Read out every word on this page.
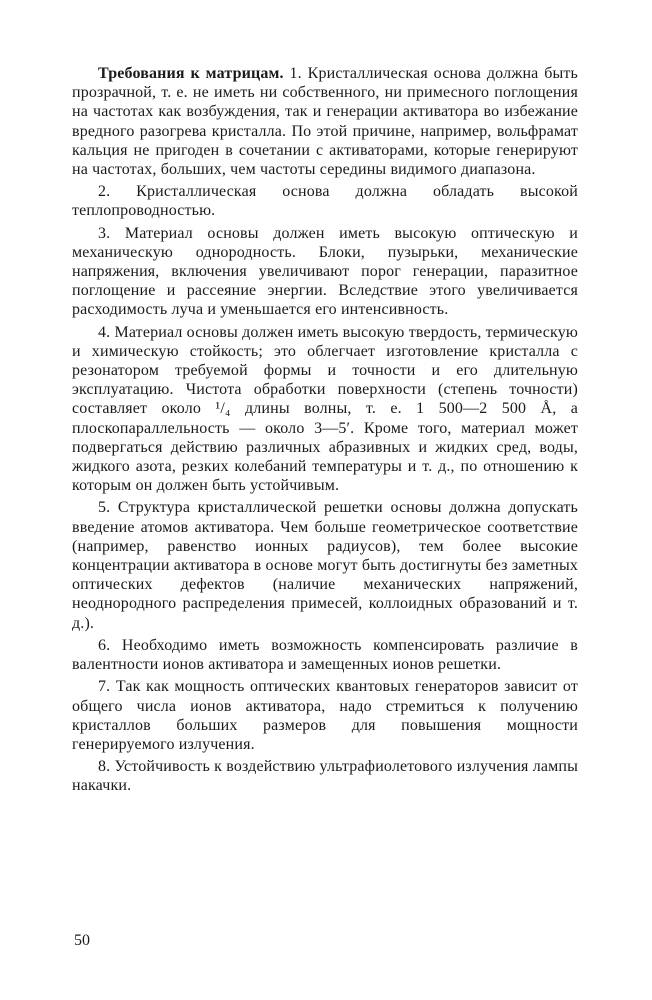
Требования к матрицам. 1. Кристаллическая основа должна быть прозрачной, т. е. не иметь ни собственного, ни примесного поглощения на частотах как возбуждения, так и генерации активатора во избежание вредного разогрева кристалла. По этой причине, например, вольфрамат кальция не пригоден в сочетании с активаторами, которые генерируют на частотах, больших, чем частоты середины видимого диапазона.

2. Кристаллическая основа должна обладать высокой теплопроводностью.

3. Материал основы должен иметь высокую оптическую и механическую однородность. Блоки, пузырьки, механические напряжения, включения увеличивают порог генерации, паразитное поглощение и рассеяние энергии. Вследствие этого увеличивается расходимость луча и уменьшается его интенсивность.

4. Материал основы должен иметь высокую твердость, термическую и химическую стойкость; это облегчает изготовление кристалла с резонатором требуемой формы и точности и его длительную эксплуатацию. Чистота обработки поверхности (степень точности) составляет около ¹/₄ длины волны, т. е. 1 500—2 500 Å, а плоскопараллельность — около 3—5′. Кроме того, материал может подвергаться действию различных абразивных и жидких сред, воды, жидкого азота, резких колебаний температуры и т. д., по отношению к которым он должен быть устойчивым.

5. Структура кристаллической решетки основы должна допускать введение атомов активатора. Чем больше геометрическое соответствие (например, равенство ионных радиусов), тем более высокие концентрации активатора в основе могут быть достигнуты без заметных оптических дефектов (наличие механических напряжений, неоднородного распределения примесей, коллоидных образований и т. д.).

6. Необходимо иметь возможность компенсировать различие в валентности ионов активатора и замещенных ионов решетки.

7. Так как мощность оптических квантовых генераторов зависит от общего числа ионов активатора, надо стремиться к получению кристаллов больших размеров для повышения мощности генерируемого излучения.

8. Устойчивость к воздействию ультрафиолетового излучения лампы накачки.

50
